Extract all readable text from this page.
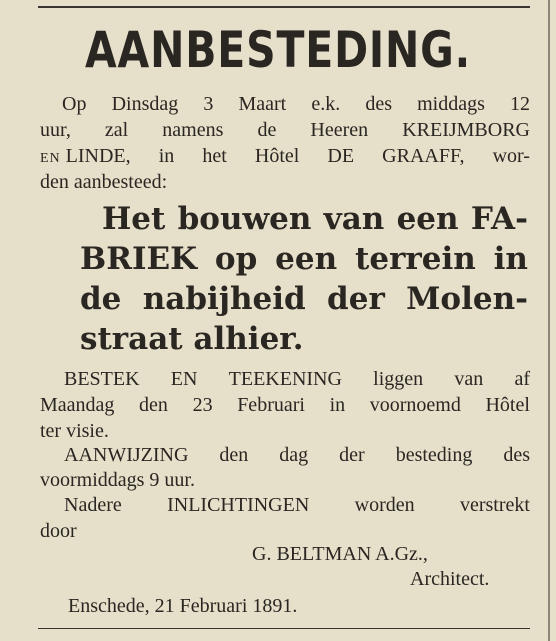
AANBESTEDING.
Op Dinsdag 3 Maart e.k. des middags 12
uur, zal namens de Heeren KREIJMBORG
EN LINDE, in het Hôtel DE GRAAFF, wor-
den aanbesteed:
Het bouwen van een FA-
BRIEK op een terrein in
de nabijheid der Molen-
straat alhier.
BESTEK EN TEEKENING liggen van af
Maandag den 23 Februari in voornoemd Hôtel
ter visie.
AANWIJZING den dag der besteding des
voormiddags 9 uur.
Nadere INLICHTINGEN worden verstrekt
door
G. BELTMAN A.Gz.,
Architect.
Enschede, 21 Februari 1891.
